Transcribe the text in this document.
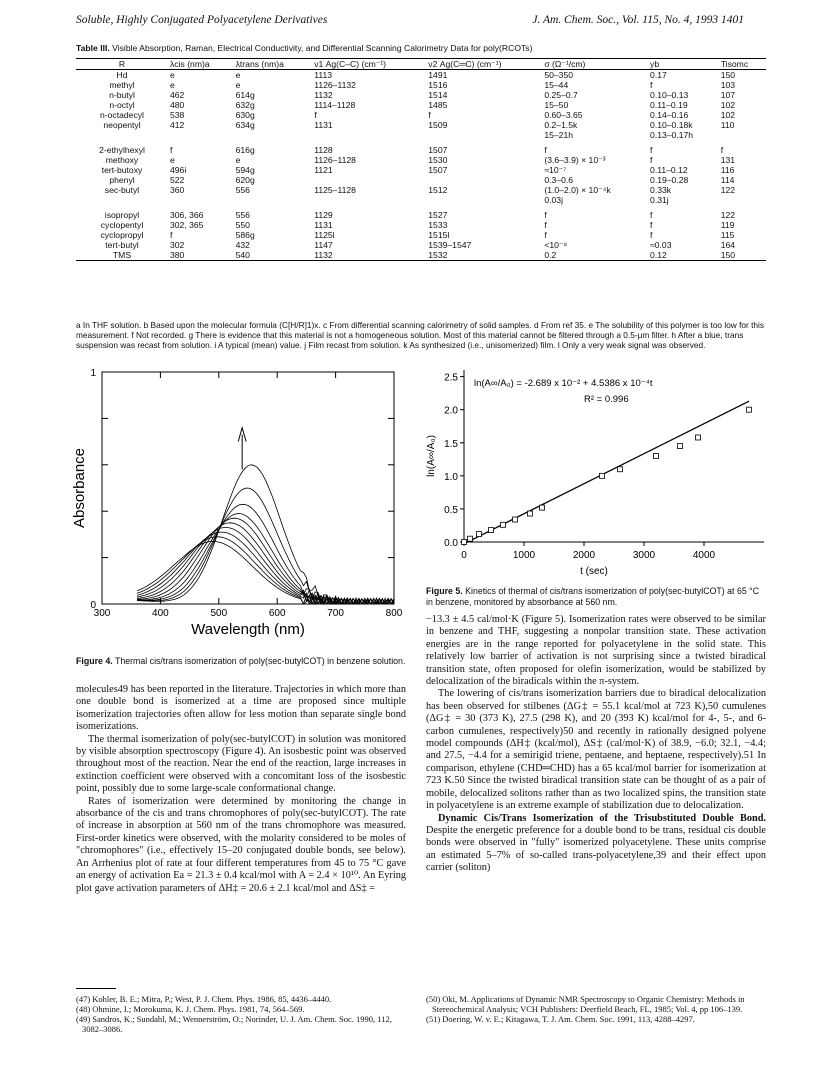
Soluble, Highly Conjugated Polyacetylene Derivatives	J. Am. Chem. Soc., Vol. 115, No. 4, 1993 1401
Table III. Visible Absorption, Raman, Electrical Conductivity, and Differential Scanning Calorimetry Data for poly(RCOTs)
R	λcis (nm)a	λtrans (nm)a	ν1 Ag(C–C) (cm⁻¹)	ν2 Ag(C═C) (cm⁻¹)	σ (Ω⁻¹/cm)	yb	Tisomc
Hd	e	e	1113	1491	50–350	0.17	150
methyl	e	e	1126–1132	1516	15–44	f	103
n-butyl	462	614g	1132	1514	0.25–0.7	0.10–0.13	107
n-octyl	480	632g	1114–1128	1485	15–50	0.11–0.19	102
n-octadecyl	538	630g	f	f	0.60–3.65	0.14–0.16	102
neopentyl	412	634g	1131	1509	0.2–1.5k	0.10–0.18k	110
					15–21h	0.13–0.17h	
2-ethylhexyl	f	616g	1128	1507	f	f	f
methoxy	e	e	1126–1128	1530	(3.6–3.9) × 10⁻³	f	131
tert-butoxy	496i	594g	1121	1507	≈10⁻⁷	0.11–0.12	116
phenyl	522	620g			0.3–0.6	0.19–0.28	114
sec-butyl	360	556	1125–1128	1512	(1.0–2.0) × 10⁻⁴k	0.33k	122
					0.03j	0.31j	
isopropyl	306, 366	556	1129	1527	f	f	122
cyclopentyl	302, 365	550	1131	1533	f	f	119
cyclopropyl	f	586g	1125l	1515l	f	f	115
tert-butyl	302	432	1147	1539–1547	<10⁻⁸	≈0.03	164
TMS	380	540	1132	1532	0.2	0.12	150
a In THF solution. b Based upon the molecular formula (C[H/R]1)x. c From differential scanning calorimetry of solid samples. d From ref 35. e The solubility of this polymer is too low for this measurement. f Not recorded. g There is evidence that this material is not a homogeneous solution. Most of this material cannot be filtered through a 0.5-μm filter. h After a blue, trans suspension was recast from solution. i A typical (mean) value. j Film recast from solution. k As synthesized (i.e., unisomerized) film. l Only a very weak signal was observed.
300	400	500	600	700	800
0
1
Wavelength (nm)
Absorbance
Figure 4. Thermal cis/trans isomerization of poly(sec-butylCOT) in benzene solution.
0.0
0.5
1.0
1.5
2.0
2.5
0	1000	2000	3000	4000
t (sec)
ln(A∞/A₀)
ln(A∞/A₀) = -2.689 x 10⁻² + 4.5386 x 10⁻⁴t
R² = 0.996
Figure 5. Kinetics of thermal of cis/trans isomerization of poly(sec-butylCOT) at 65 °C in benzene, monitored by absorbance at 560 nm.

molecules49 has been reported in the literature. Trajectories in which more than one double bond is isomerized at a time are proposed since multiple isomerization trajectories often allow for less motion than separate single bond isomerizations.

The thermal isomerization of poly(sec-butylCOT) in solution was monitored by visible absorption spectroscopy (Figure 4). An isosbestic point was observed throughout most of the reaction. Near the end of the reaction, large increases in extinction coefficient were observed with a concomitant loss of the isosbestic point, possibly due to some large-scale conformational change.

Rates of isomerization were determined by monitoring the change in absorbance of the cis and trans chromophores of poly(sec-butylCOT). The rate of increase in absorption at 560 nm of the trans chromophore was measured. First-order kinetics were observed, with the molarity considered to be moles of "chromophores" (i.e., effectively 15–20 conjugated double bonds, see below). An Arrhenius plot of rate at four different temperatures from 45 to 75 °C gave an energy of activation Ea = 21.3 ± 0.4 kcal/mol with A = 2.4 × 10¹⁰. An Eyring plot gave activation parameters of ΔH‡ = 20.6 ± 2.1 kcal/mol and ΔS‡ =

−13.3 ± 4.5 cal/mol·K (Figure 5). Isomerization rates were observed to be similar in benzene and THF, suggesting a nonpolar transition state. These activation energies are in the range reported for polyacetylene in the solid state. This relatively low barrier of activation is not surprising since a twisted biradical transition state, often proposed for olefin isomerization, would be stabilized by delocalization of the biradicals within the π-system.

The lowering of cis/trans isomerization barriers due to biradical delocalization has been observed for stilbenes (ΔG‡ = 55.1 kcal/mol at 723 K),50 cumulenes (ΔG‡ = 30 (373 K), 27.5 (298 K), and 20 (393 K) kcal/mol for 4-, 5-, and 6-carbon cumulenes, respectively)50 and recently in rationally designed polyene model compounds (ΔH‡ (kcal/mol), ΔS‡ (cal/mol·K) of 38.9, −6.0; 32.1, −4.4; and 27.5, −4.4 for a semirigid triene, pentaene, and heptaene, respectively).51 In comparison, ethylene (CHD═CHD) has a 65 kcal/mol barrier for isomerization at 723 K.50 Since the twisted biradical transition state can be thought of as a pair of mobile, delocalized solitons rather than as two localized spins, the transition state in polyacetylene is an extreme example of stabilization due to delocalization.

Dynamic Cis/Trans Isomerization of the Trisubstituted Double Bond. Despite the energetic preference for a double bond to be trans, residual cis double bonds were observed in "fully" isomerized polyacetylene. These units comprise an estimated 5–7% of so-called trans-polyacetylene,39 and their effect upon carrier (soliton)

(47) Kohler, B. E.; Mitra, P.; West, P. J. Chem. Phys. 1986, 85, 4436–4440.
(48) Ohmine, I.; Morokuma, K. J. Chem. Phys. 1981, 74, 564–569.
(49) Sandros, K.; Sundahl, M.; Wennerström, O.; Norinder, U. J. Am. Chem. Soc. 1990, 112, 3082–3086.
(50) Oki, M. Applications of Dynamic NMR Spectroscopy to Organic Chemistry: Methods in Stereochemical Analysis; VCH Publishers: Deerfield Beach, FL, 1985; Vol. 4, pp 106–139.
(51) Doering, W. v. E.; Kitagawa, T. J. Am. Chem. Soc. 1991, 113, 4288–4297.
